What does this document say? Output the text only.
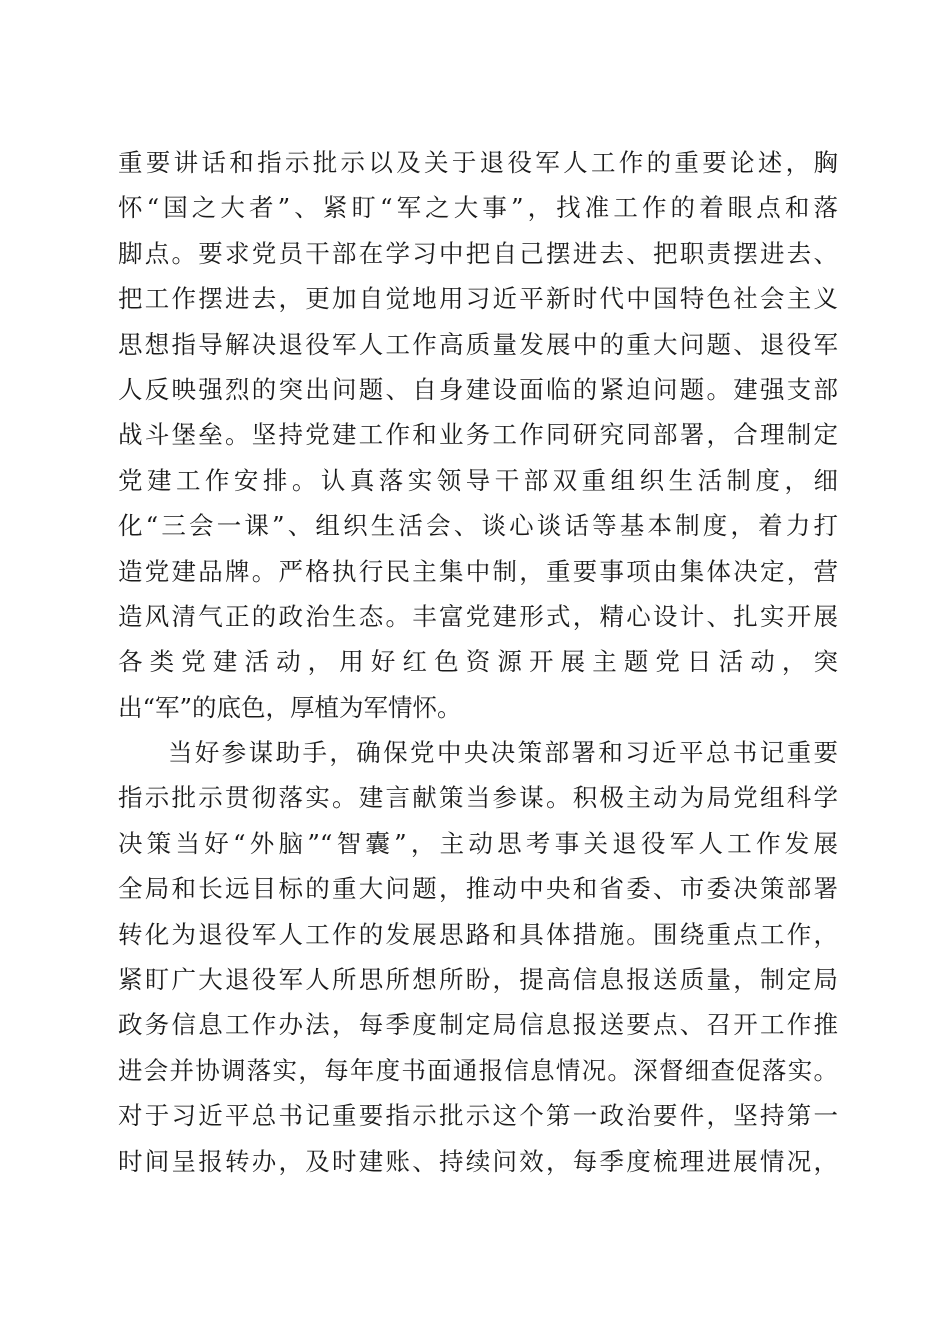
重要讲话和指示批示以及关于退役军人工作的重要论述，胸
怀“国之大者”、紧盯“军之大事”，找准工作的着眼点和落
脚点。要求党员干部在学习中把自己摆进去、把职责摆进去、
把工作摆进去，更加自觉地用习近平新时代中国特色社会主义
思想指导解决退役军人工作高质量发展中的重大问题、退役军
人反映强烈的突出问题、自身建设面临的紧迫问题。建强支部
战斗堡垒。坚持党建工作和业务工作同研究同部署，合理制定
党建工作安排。认真落实领导干部双重组织生活制度，细
化“三会一课”、组织生活会、谈心谈话等基本制度，着力打
造党建品牌。严格执行民主集中制，重要事项由集体决定，营
造风清气正的政治生态。丰富党建形式，精心设计、扎实开展
各类党建活动，用好红色资源开展主题党日活动，突
出“军”的底色，厚植为军情怀。
当好参谋助手，确保党中央决策部署和习近平总书记重要
指示批示贯彻落实。建言献策当参谋。积极主动为局党组科学
决策当好“外脑”“智囊”，主动思考事关退役军人工作发展
全局和长远目标的重大问题，推动中央和省委、市委决策部署
转化为退役军人工作的发展思路和具体措施。围绕重点工作，
紧盯广大退役军人所思所想所盼，提高信息报送质量，制定局
政务信息工作办法，每季度制定局信息报送要点、召开工作推
进会并协调落实，每年度书面通报信息情况。深督细查促落实。
对于习近平总书记重要指示批示这个第一政治要件，坚持第一
时间呈报转办，及时建账、持续问效，每季度梳理进展情况，
